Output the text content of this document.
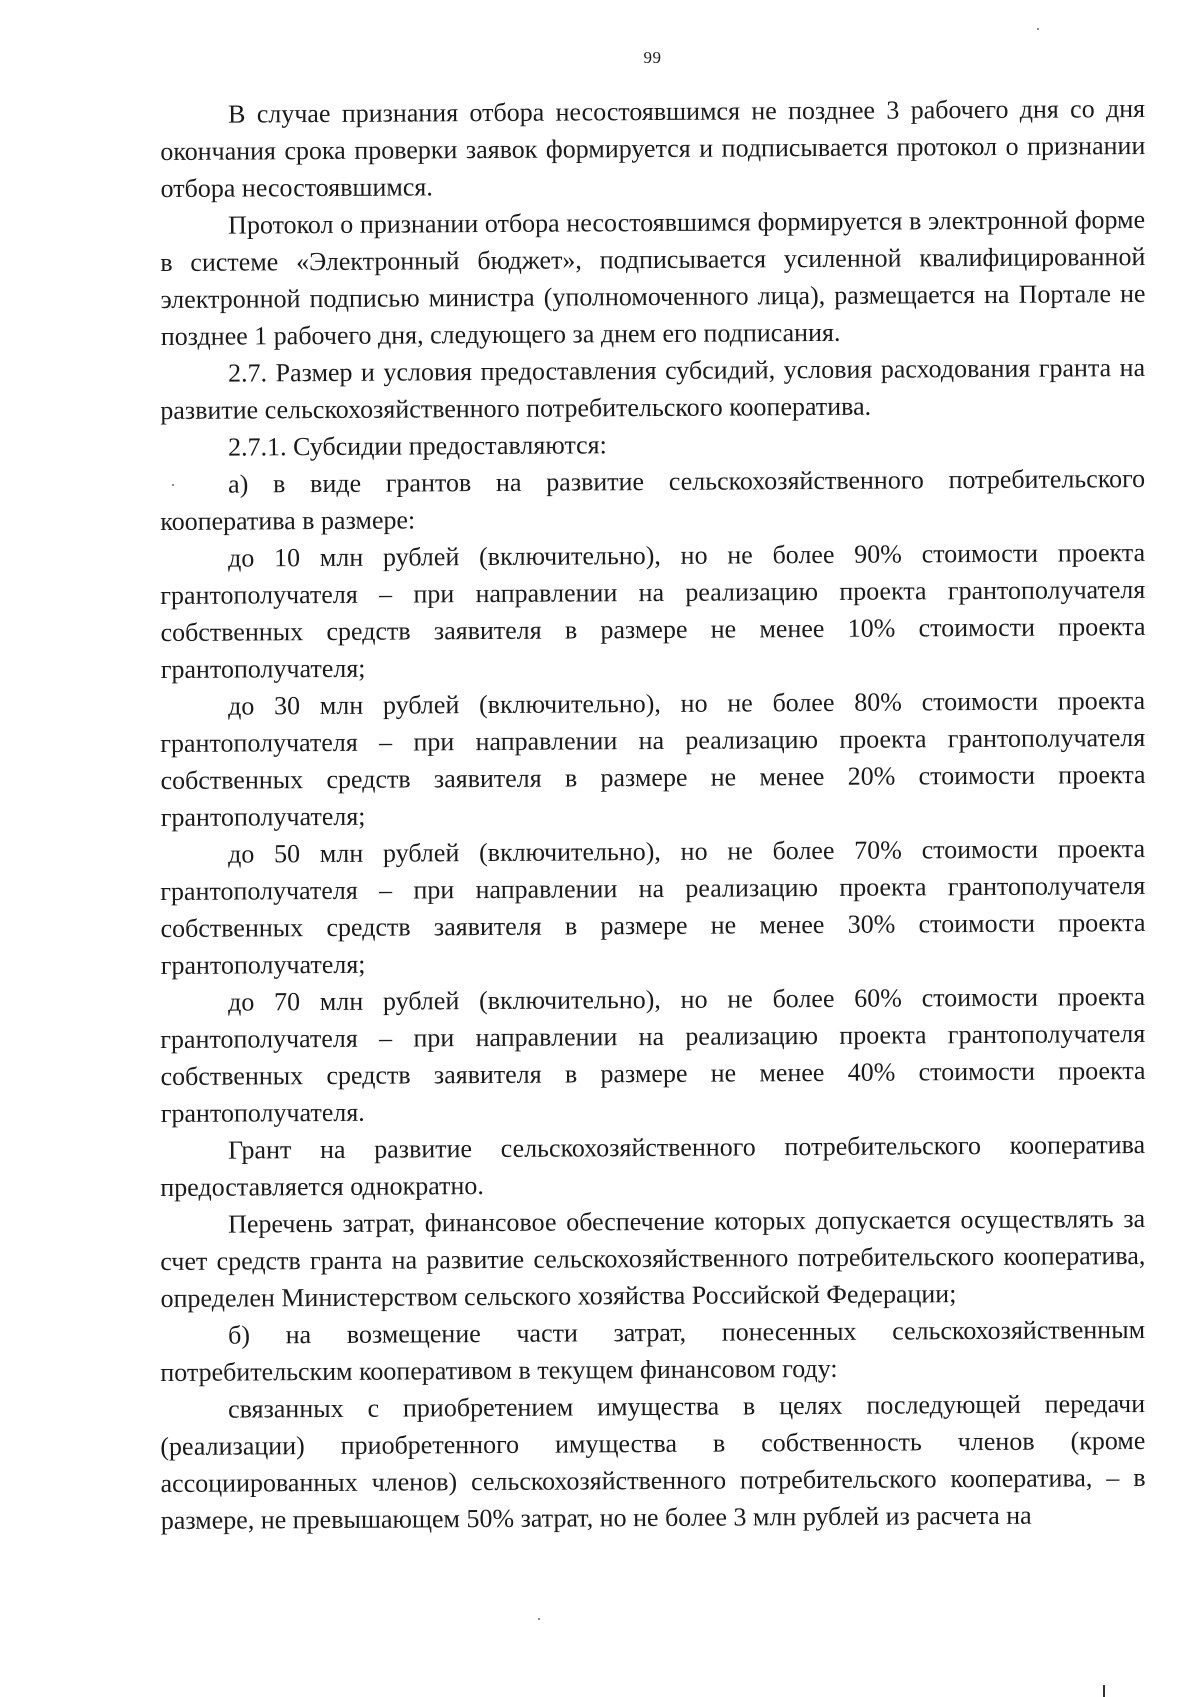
99

В случае признания отбора несостоявшимся не позднее 3 рабочего дня со дня окончания срока проверки заявок формируется и подписывается протокол о признании отбора несостоявшимся.

Протокол о признании отбора несостоявшимся формируется в электронной форме в системе «Электронный бюджет», подписывается усиленной квалифицированной электронной подписью министра (уполномоченного лица), размещается на Портале не позднее 1 рабочего дня, следующего за днем его подписания.

2.7. Размер и условия предоставления субсидий, условия расходования гранта на развитие сельскохозяйственного потребительского кооператива.

2.7.1. Субсидии предоставляются:

а) в виде грантов на развитие сельскохозяйственного потребительского кооператива в размере:

до 10 млн рублей (включительно), но не более 90% стоимости проекта грантополучателя – при направлении на реализацию проекта грантополучателя собственных средств заявителя в размере не менее 10% стоимости проекта грантополучателя;

до 30 млн рублей (включительно), но не более 80% стоимости проекта грантополучателя – при направлении на реализацию проекта грантополучателя собственных средств заявителя в размере не менее 20% стоимости проекта грантополучателя;

до 50 млн рублей (включительно), но не более 70% стоимости проекта грантополучателя – при направлении на реализацию проекта грантополучателя собственных средств заявителя в размере не менее 30% стоимости проекта грантополучателя;

до 70 млн рублей (включительно), но не более 60% стоимости проекта грантополучателя – при направлении на реализацию проекта грантополучателя собственных средств заявителя в размере не менее 40% стоимости проекта грантополучателя.

Грант на развитие сельскохозяйственного потребительского кооператива предоставляется однократно.

Перечень затрат, финансовое обеспечение которых допускается осуществлять за счет средств гранта на развитие сельскохозяйственного потребительского кооператива, определен Министерством сельского хозяйства Российской Федерации;

б) на возмещение части затрат, понесенных сельскохозяйственным потребительским кооперативом в текущем финансовом году:

связанных с приобретением имущества в целях последующей передачи (реализации) приобретенного имущества в собственность членов (кроме ассоциированных членов) сельскохозяйственного потребительского кооператива, – в размере, не превышающем 50% затрат, но не более 3 млн рублей из расчета на
